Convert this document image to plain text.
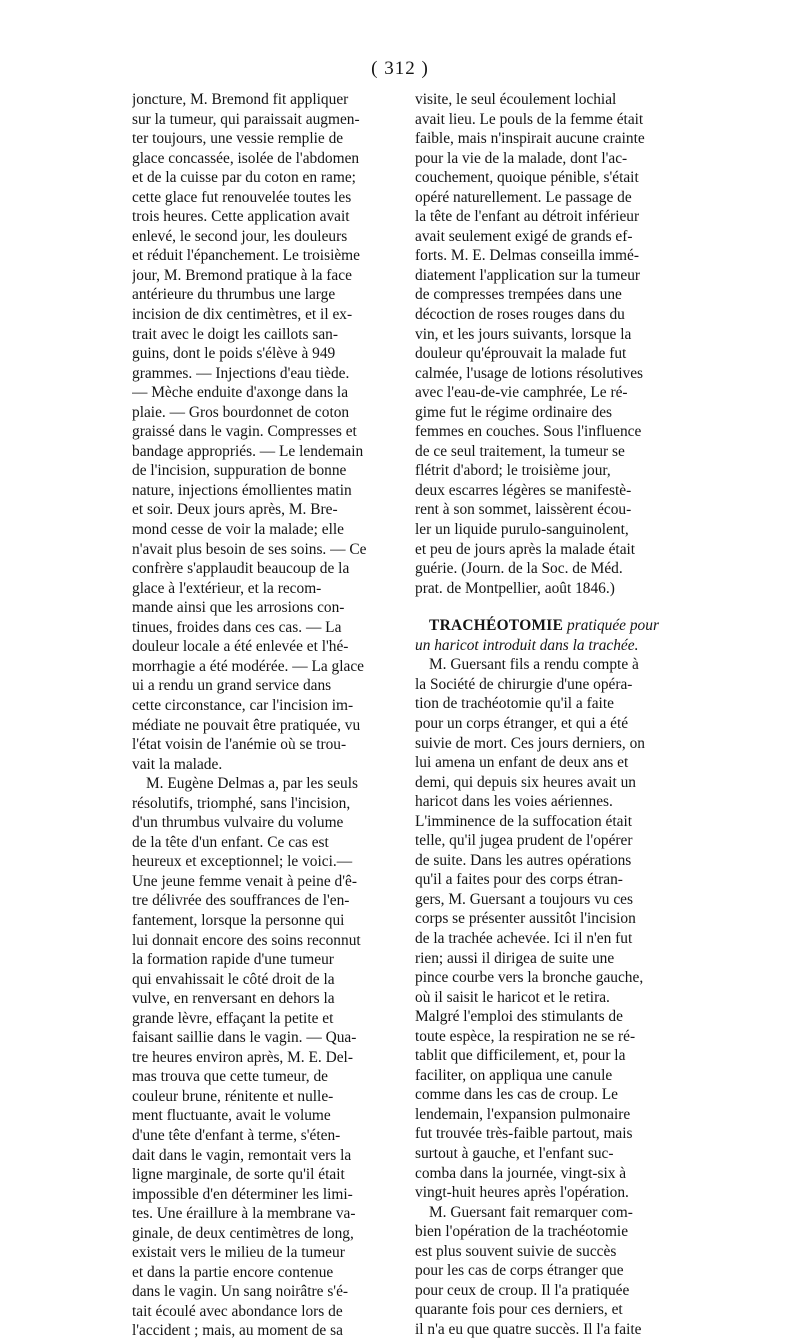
( 312 )
joncture, M. Bremond fit appliquer
sur la tumeur, qui paraissait augmen-
ter toujours, une vessie remplie de
glace concassée, isolée de l'abdomen
et de la cuisse par du coton en rame;
cette glace fut renouvelée toutes les
trois heures. Cette application avait
enlevé, le second jour, les douleurs
et réduit l'épanchement. Le troisième
jour, M. Bremond pratique à la face
antérieure du thrumbus une large
incision de dix centimètres, et il ex-
trait avec le doigt les caillots san-
guins, dont le poids s'élève à 949
grammes. — Injections d'eau tiède.
— Mèche enduite d'axonge dans la
plaie. — Gros bourdonnet de coton
graissé dans le vagin. Compresses et
bandage appropriés. — Le lendemain
de l'incision, suppuration de bonne
nature, injections émollientes matin
et soir. Deux jours après, M. Bre-
mond cesse de voir la malade; elle
n'avait plus besoin de ses soins. — Ce
confrère s'applaudit beaucoup de la
glace à l'extérieur, et la recom-
mande ainsi que les arrosions con-
tinues, froides dans ces cas. — La
douleur locale a été enlevée et l'hé-
morrhagie a été modérée. — La glace
ui a rendu un grand service dans
cette circonstance, car l'incision im-
médiate ne pouvait être pratiquée, vu
l'état voisin de l'anémie où se trou-
vait la malade.
M. Eugène Delmas a, par les seuls
résolutifs, triomphé, sans l'incision,
d'un thrumbus vulvaire du volume
de la tête d'un enfant. Ce cas est
heureux et exceptionnel; le voici.—
Une jeune femme venait à peine d'ê-
tre délivrée des souffrances de l'en-
fantement, lorsque la personne qui
lui donnait encore des soins reconnut
la formation rapide d'une tumeur
qui envahissait le côté droit de la
vulve, en renversant en dehors la
grande lèvre, effaçant la petite et
faisant saillie dans le vagin. — Qua-
tre heures environ après, M. E. Del-
mas trouva que cette tumeur, de
couleur brune, rénitente et nulle-
ment fluctuante, avait le volume
d'une tête d'enfant à terme, s'éten-
dait dans le vagin, remontait vers la
ligne marginale, de sorte qu'il était
impossible d'en déterminer les limi-
tes. Une éraillure à la membrane va-
ginale, de deux centimètres de long,
existait vers le milieu de la tumeur
et dans la partie encore contenue
dans le vagin. Un sang noirâtre s'é-
tait écoulé avec abondance lors de
l'accident ; mais, au moment de sa
visite, le seul écoulement lochial
avait lieu. Le pouls de la femme était
faible, mais n'inspirait aucune crainte
pour la vie de la malade, dont l'ac-
couchement, quoique pénible, s'était
opéré naturellement. Le passage de
la tête de l'enfant au détroit inférieur
avait seulement exigé de grands ef-
forts. M. E. Delmas conseilla immé-
diatement l'application sur la tumeur
de compresses trempées dans une
décoction de roses rouges dans du
vin, et les jours suivants, lorsque la
douleur qu'éprouvait la malade fut
calmée, l'usage de lotions résolutives
avec l'eau-de-vie camphrée, Le ré-
gime fut le régime ordinaire des
femmes en couches. Sous l'influence
de ce seul traitement, la tumeur se
flétrit d'abord; le troisième jour,
deux escarres légères se manifestè-
rent à son sommet, laissèrent écou-
ler un liquide purulo-sanguinolent,
et peu de jours après la malade était
guérie. (Journ. de la Soc. de Méd.
prat. de Montpellier, août 1846.)
TRACHÉOTOMIE pratiquée pour
un haricot introduit dans la trachée.
M. Guersant fils a rendu compte à
la Société de chirurgie d'une opéra-
tion de trachéotomie qu'il a faite
pour un corps étranger, et qui a été
suivie de mort. Ces jours derniers, on
lui amena un enfant de deux ans et
demi, qui depuis six heures avait un
haricot dans les voies aériennes.
L'imminence de la suffocation était
telle, qu'il jugea prudent de l'opérer
de suite. Dans les autres opérations
qu'il a faites pour des corps étran-
gers, M. Guersant a toujours vu ces
corps se présenter aussitôt l'incision
de la trachée achevée. Ici il n'en fut
rien; aussi il dirigea de suite une
pince courbe vers la bronche gauche,
où il saisit le haricot et le retira.
Malgré l'emploi des stimulants de
toute espèce, la respiration ne se ré-
tablit que difficilement, et, pour la
faciliter, on appliqua une canule
comme dans les cas de croup. Le
lendemain, l'expansion pulmonaire
fut trouvée très-faible partout, mais
surtout à gauche, et l'enfant suc-
comba dans la journée, vingt-six à
vingt-huit heures après l'opération.
M. Guersant fait remarquer com-
bien l'opération de la trachéotomie
est plus souvent suivie de succès
pour les cas de corps étranger que
pour ceux de croup. Il l'a pratiquée
quarante fois pour ces derniers, et
il n'a eu que quatre succès. Il l'a faite
